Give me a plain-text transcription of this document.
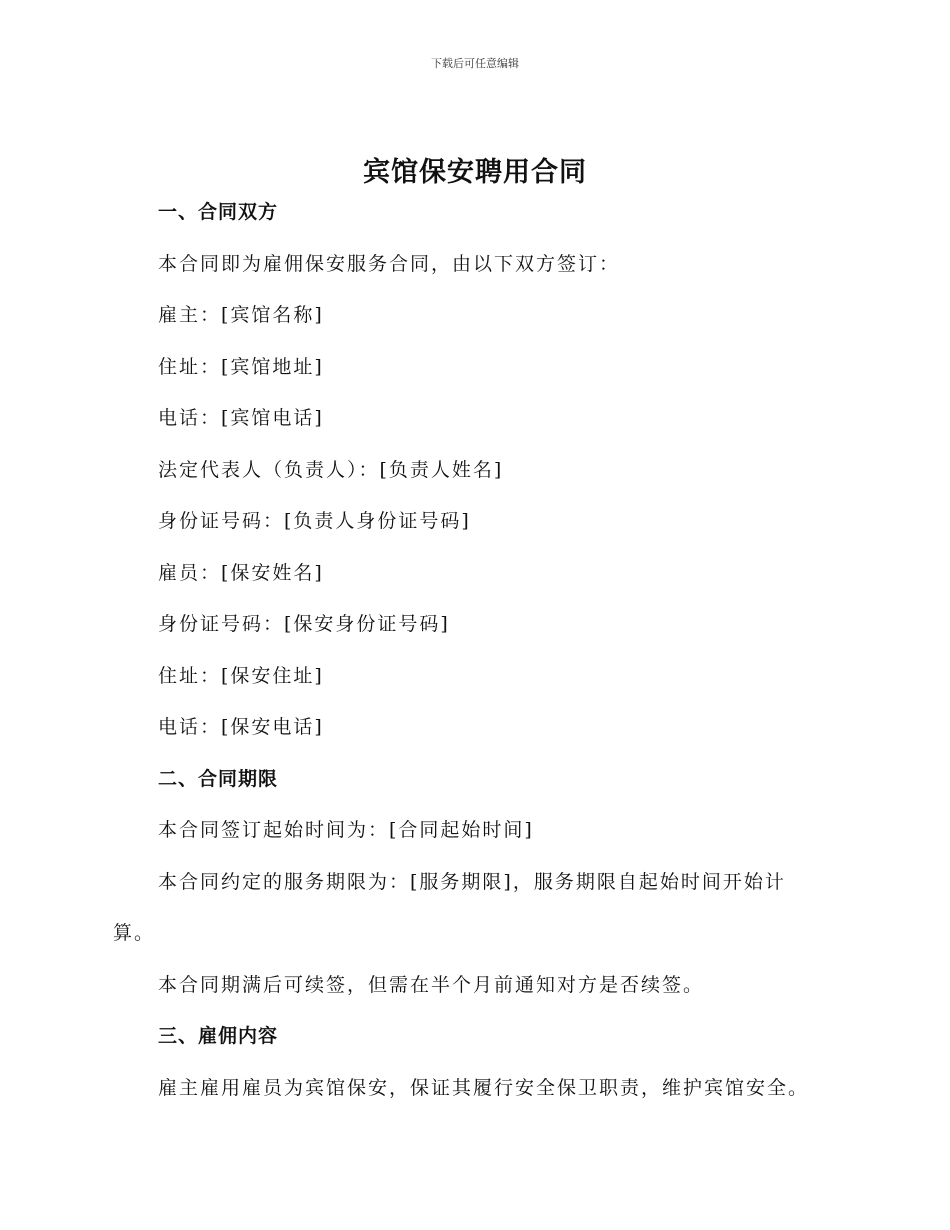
下载后可任意编辑
宾馆保安聘用合同
一、合同双方
本合同即为雇佣保安服务合同，由以下双方签订：
雇主：[宾馆名称]
住址：[宾馆地址]
电话：[宾馆电话]
法定代表人（负责人）：[负责人姓名]
身份证号码：[负责人身份证号码]
雇员：[保安姓名]
身份证号码：[保安身份证号码]
住址：[保安住址]
电话：[保安电话]
二、合同期限
本合同签订起始时间为：[合同起始时间]
本合同约定的服务期限为：[服务期限]，服务期限自起始时间开始计
算。
本合同期满后可续签，但需在半个月前通知对方是否续签。
三、雇佣内容
雇主雇用雇员为宾馆保安，保证其履行安全保卫职责，维护宾馆安全。
